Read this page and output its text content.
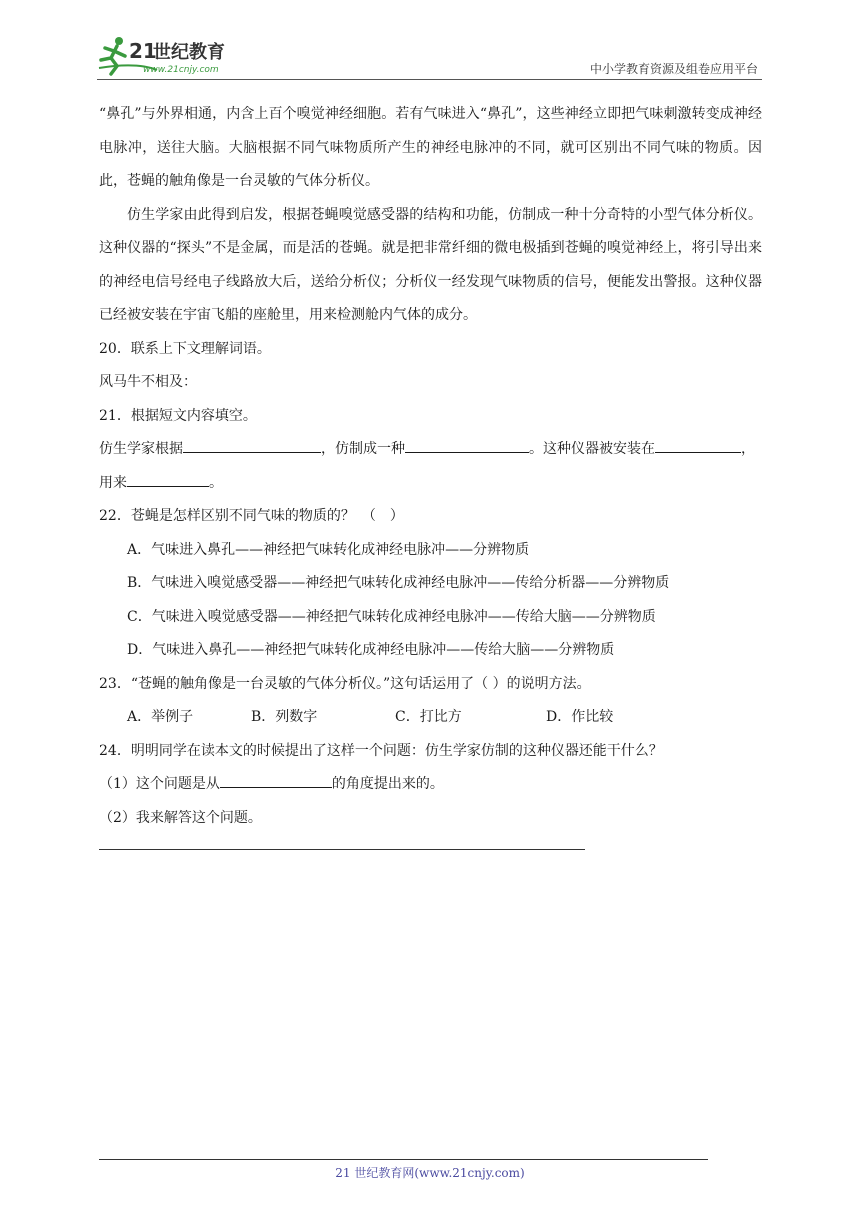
21
世纪教育
www.21cnjy.com	中小学教育资源及组卷应用平台

“鼻孔”与外界相通，内含上百个嗅觉神经细胞。若有气味进入“鼻孔”，这些神经立即把气味刺激转变成神经电脉冲，送往大脑。大脑根据不同气味物质所产生的神经电脉冲的不同，就可区别出不同气味的物质。因此，苍蝇的触角像是一台灵敏的气体分析仪。

仿生学家由此得到启发，根据苍蝇嗅觉感受器的结构和功能，仿制成一种十分奇特的小型气体分析仪。这种仪器的“探头”不是金属，而是活的苍蝇。就是把非常纤细的微电极插到苍蝇的嗅觉神经上，将引导出来的神经电信号经电子线路放大后，送给分析仪；分析仪一经发现气味物质的信号，便能发出警报。这种仪器已经被安装在宇宙飞船的座舱里，用来检测舱内气体的成分。

20．联系上下文理解词语。

风马牛不相及：

21．根据短文内容填空。

仿生学家根据	，仿制成一种	。这种仪器被安装在	，

用来	。

22．苍蝇是怎样区别不同气味的物质的？　（　）

A．气味进入鼻孔——神经把气味转化成神经电脉冲——分辨物质

B．气味进入嗅觉感受器——神经把气味转化成神经电脉冲——传给分析器——分辨物质

C．气味进入嗅觉感受器——神经把气味转化成神经电脉冲——传给大脑——分辨物质

D．气味进入鼻孔——神经把气味转化成神经电脉冲——传给大脑——分辨物质

23．“苍蝇的触角像是一台灵敏的气体分析仪。”这句话运用了（ ）的说明方法。

A．举例子	B．列数字	C．打比方	D．作比较

24．明明同学在读本文的时候提出了这样一个问题：仿生学家仿制的这种仪器还能干什么？

（1）这个问题是从	的角度提出来的。

（2）我来解答这个问题。

21 世纪教育网(www.21cnjy.com)
